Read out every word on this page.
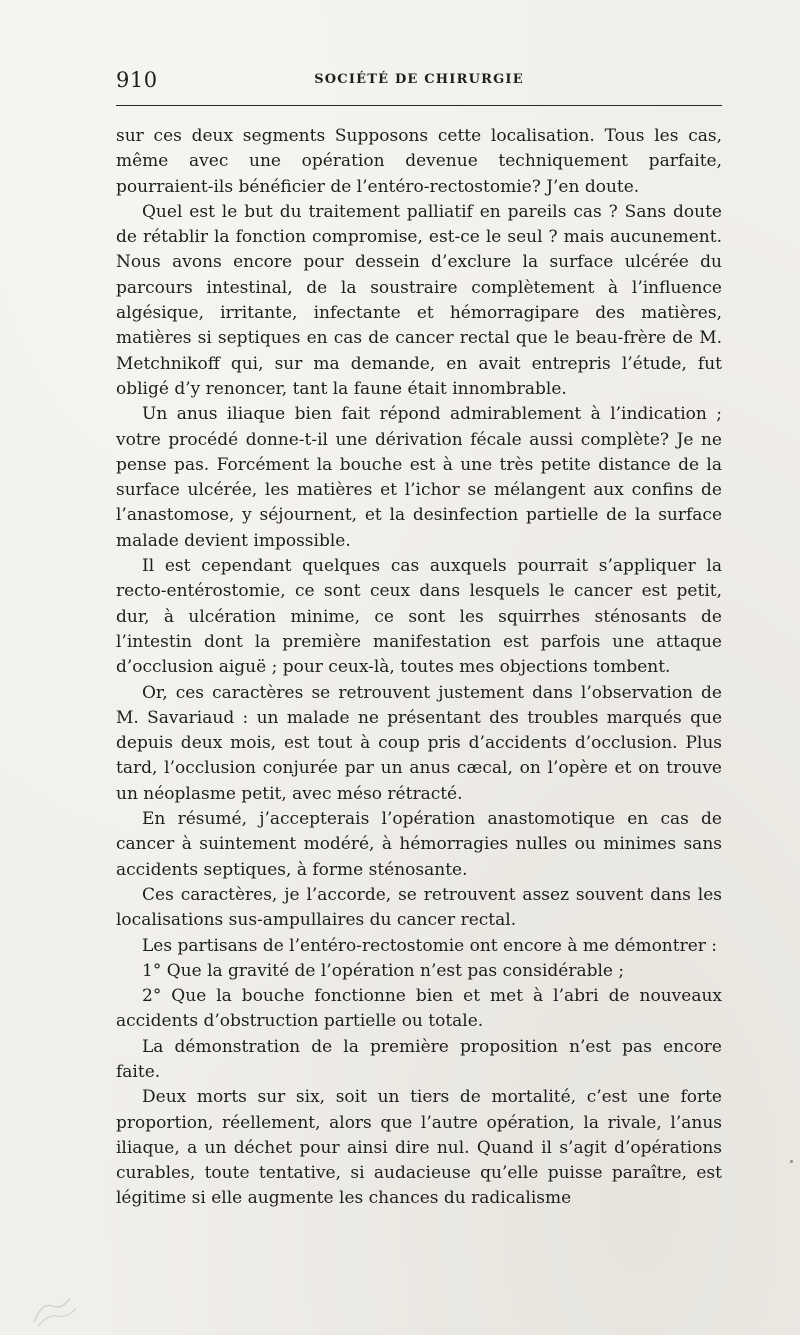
910	SOCIÉTÉ DE CHIRURGIE

sur ces deux segments Supposons cette localisation. Tous les cas, même avec une opération devenue techniquement parfaite, pourraient-ils bénéficier de l’entéro-rectostomie? J’en doute.

Quel est le but du traitement palliatif en pareils cas ? Sans doute de rétablir la fonction compromise, est-ce le seul ? mais aucunement. Nous avons encore pour dessein d’exclure la surface ulcérée du parcours intestinal, de la soustraire complètement à l’influence algésique, irritante, infectante et hémorragipare des matières, matières si septiques en cas de cancer rectal que le beau-frère de M. Metchnikoff qui, sur ma demande, en avait entrepris l’étude, fut obligé d’y renoncer, tant la faune était innombrable.

Un anus iliaque bien fait répond admirablement à l’indication ; votre procédé donne-t-il une dérivation fécale aussi complète? Je ne pense pas. Forcément la bouche est à une très petite distance de la surface ulcérée, les matières et l’ichor se mélangent aux confins de l’anastomose, y séjournent, et la desinfection partielle de la surface malade devient impossible.

Il est cependant quelques cas auxquels pourrait s’appliquer la recto-entérostomie, ce sont ceux dans lesquels le cancer est petit, dur, à ulcération minime, ce sont les squirrhes sténosants de l’intestin dont la première manifestation est parfois une attaque d’occlusion aiguë ; pour ceux-là, toutes mes objections tombent.

Or, ces caractères se retrouvent justement dans l’observation de M. Savariaud : un malade ne présentant des troubles marqués que depuis deux mois, est tout à coup pris d’accidents d’occlusion. Plus tard, l’occlusion conjurée par un anus cæcal, on l’opère et on trouve un néoplasme petit, avec méso rétracté.

En résumé, j’accepterais l’opération anastomotique en cas de cancer à suintement modéré, à hémorragies nulles ou minimes sans accidents septiques, à forme sténosante.

Ces caractères, je l’accorde, se retrouvent assez souvent dans les localisations sus-ampullaires du cancer rectal.

Les partisans de l’entéro-rectostomie ont encore à me démontrer :

1° Que la gravité de l’opération n’est pas considérable ;

2° Que la bouche fonctionne bien et met à l’abri de nouveaux accidents d’obstruction partielle ou totale.

La démonstration de la première proposition n’est pas encore faite.

Deux morts sur six, soit un tiers de mortalité, c’est une forte proportion, réellement, alors que l’autre opération, la rivale, l’anus iliaque, a un déchet pour ainsi dire nul. Quand il s’agit d’opérations curables, toute tentative, si audacieuse qu’elle puisse paraître, est légitime si elle augmente les chances du radicalisme
